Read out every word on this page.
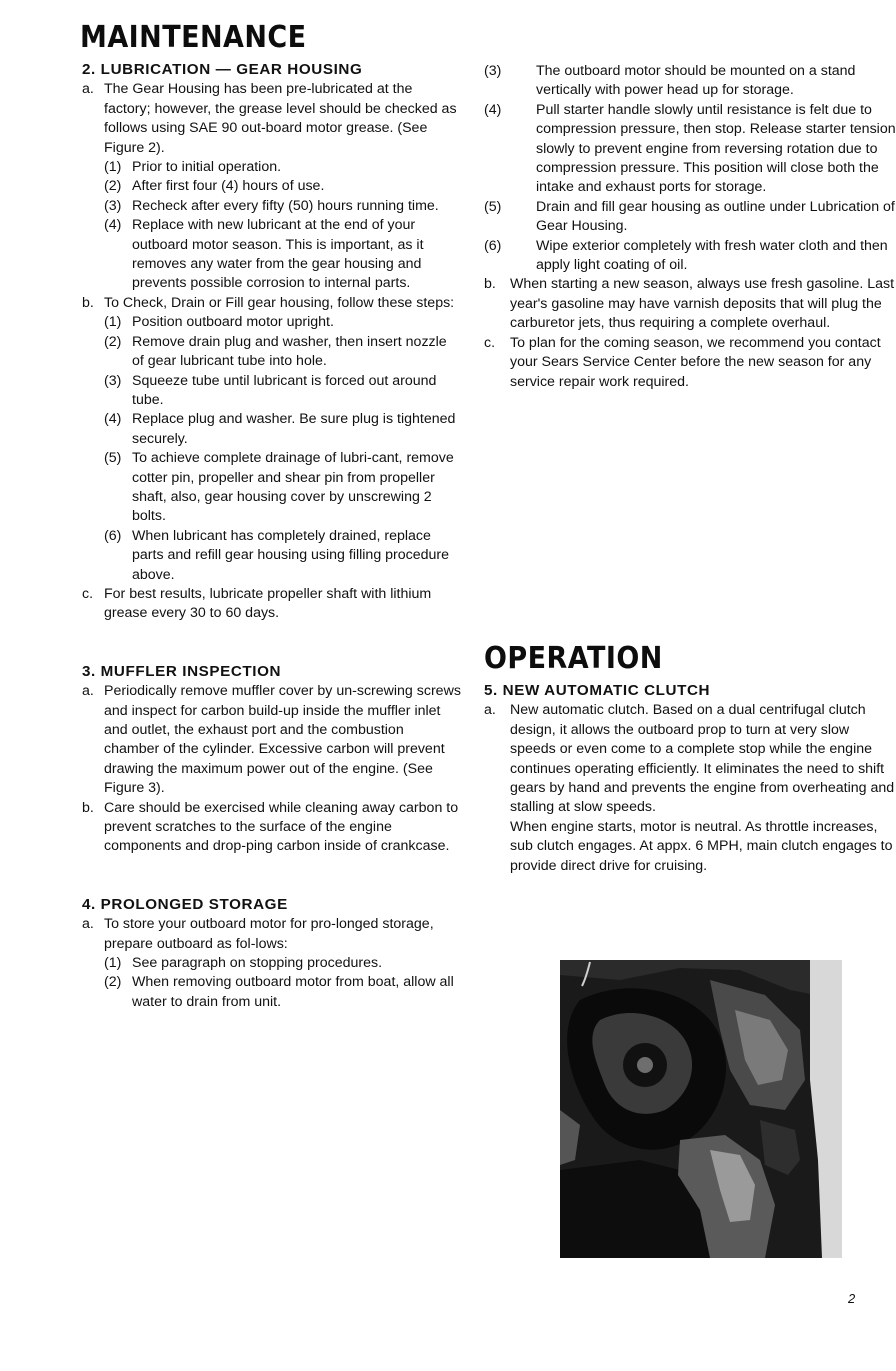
MAINTENANCE

2. LUBRICATION — GEAR HOUSING

a. The Gear Housing has been pre-lubricated at the factory; however, the grease level should be checked as follows using SAE 90 out-board motor grease. (See Figure 2).

(1) Prior to initial operation.

(2) After first four (4) hours of use.

(3) Recheck after every fifty (50) hours running time.

(4) Replace with new lubricant at the end of your outboard motor season. This is important, as it removes any water from the gear housing and prevents possible corrosion to internal parts.

b. To Check, Drain or Fill gear housing, follow these steps:

(1) Position outboard motor upright.

(2) Remove drain plug and washer, then insert nozzle of gear lubricant tube into hole.

(3) Squeeze tube until lubricant is forced out around tube.

(4) Replace plug and washer. Be sure plug is tightened securely.

(5) To achieve complete drainage of lubri-cant, remove cotter pin, propeller and shear pin from propeller shaft, also, gear housing cover by unscrewing 2 bolts.

(6) When lubricant has completely drained, replace parts and refill gear housing using filling procedure above.

c. For best results, lubricate propeller shaft with lithium grease every 30 to 60 days.

3. MUFFLER INSPECTION

a. Periodically remove muffler cover by un-screwing screws and inspect for carbon build-up inside the muffler inlet and outlet, the exhaust port and the combustion chamber of the cylinder. Excessive carbon will prevent drawing the maximum power out of the engine. (See Figure 3).

b. Care should be exercised while cleaning away carbon to prevent scratches to the surface of the engine components and drop-ping carbon inside of crankcase.

4. PROLONGED STORAGE

a. To store your outboard motor for pro-longed storage, prepare outboard as fol-lows:

(1) See paragraph on stopping procedures.

(2) When removing outboard motor from boat, allow all water to drain from unit.

(3)	The outboard motor should be mounted on a stand vertically with power head up for storage.

(4)	Pull starter handle slowly until resistance is felt due to compression pressure, then stop. Release starter tension slowly to prevent engine from reversing rotation due to compression pressure. This position will close both the intake and exhaust ports for storage.

(5)	Drain and fill gear housing as outline under Lubrication of Gear Housing.

(6)	Wipe exterior completely with fresh water cloth and then apply light coating of oil.

b. When starting a new season, always use fresh gasoline. Last year's gasoline may have varnish deposits that will plug the carburetor jets, thus requiring a complete overhaul.

c.	To plan for the coming season, we recommend you contact your Sears Service Center before the new season for any service repair work required.

OPERATION

5. NEW AUTOMATIC CLUTCH

a. New automatic clutch. Based on a dual centrifugal clutch design, it allows the outboard prop to turn at very slow speeds or even come to a complete stop while the engine continues operating efficiently. It eliminates the need to shift gears by hand and prevents the engine from overheating and stalling at slow speeds.

When engine starts, motor is neutral. As throttle increases, sub clutch engages. At appx. 6 MPH, main clutch engages to provide direct drive for cruising.

2
